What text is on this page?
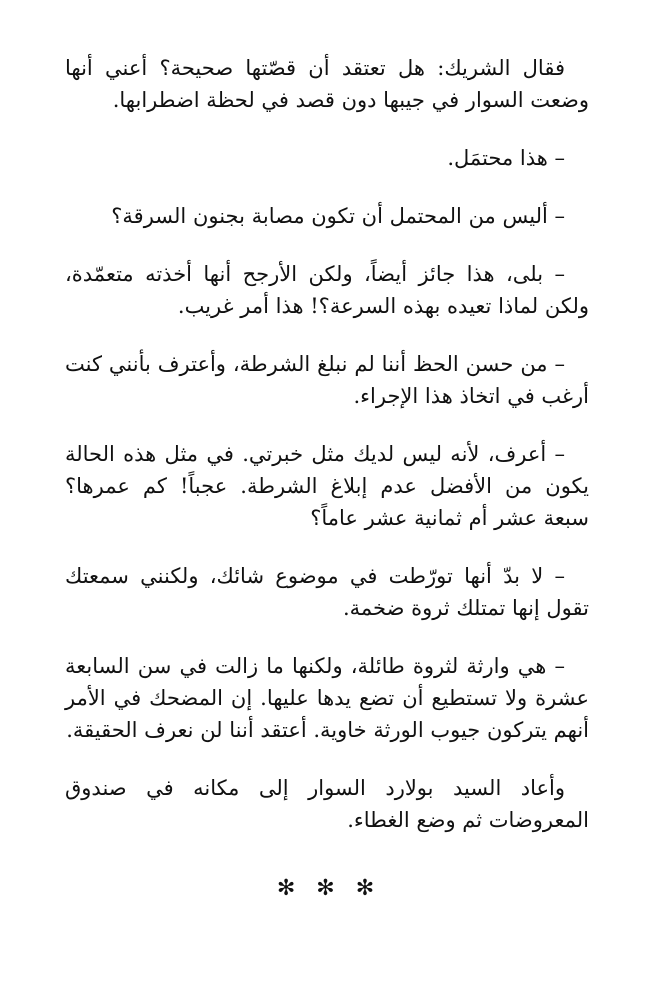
فقال الشريك: هل تعتقد أن قصّتها صحيحة؟ أعني أنها وضعت السوار في جيبها دون قصد في لحظة اضطرابها.

– هذا محتمَل.

– أليس من المحتمل أن تكون مصابة بجنون السرقة؟

– بلى، هذا جائز أيضاً، ولكن الأرجح أنها أخذته متعمّدة، ولكن لماذا تعيده بهذه السرعة؟! هذا أمر غريب.

– من حسن الحظ أننا لم نبلغ الشرطة، وأعترف بأنني كنت أرغب في اتخاذ هذا الإجراء.

– أعرف، لأنه ليس لديك مثل خبرتي. في مثل هذه الحالة يكون من الأفضل عدم إبلاغ الشرطة. عجباً! كم عمرها؟ سبعة عشر أم ثمانية عشر عاماً؟

– لا بدّ أنها تورّطت في موضوع شائك، ولكنني سمعتك تقول إنها تمتلك ثروة ضخمة.

– هي وارثة لثروة طائلة، ولكنها ما زالت في سن السابعة عشرة ولا تستطيع أن تضع يدها عليها. إن المضحك في الأمر أنهم يتركون جيوب الورثة خاوية. أعتقد أننا لن نعرف الحقيقة.

وأعاد السيد بولارد السوار إلى مكانه في صندوق المعروضات ثم وضع الغطاء.

✻ ✻ ✻
